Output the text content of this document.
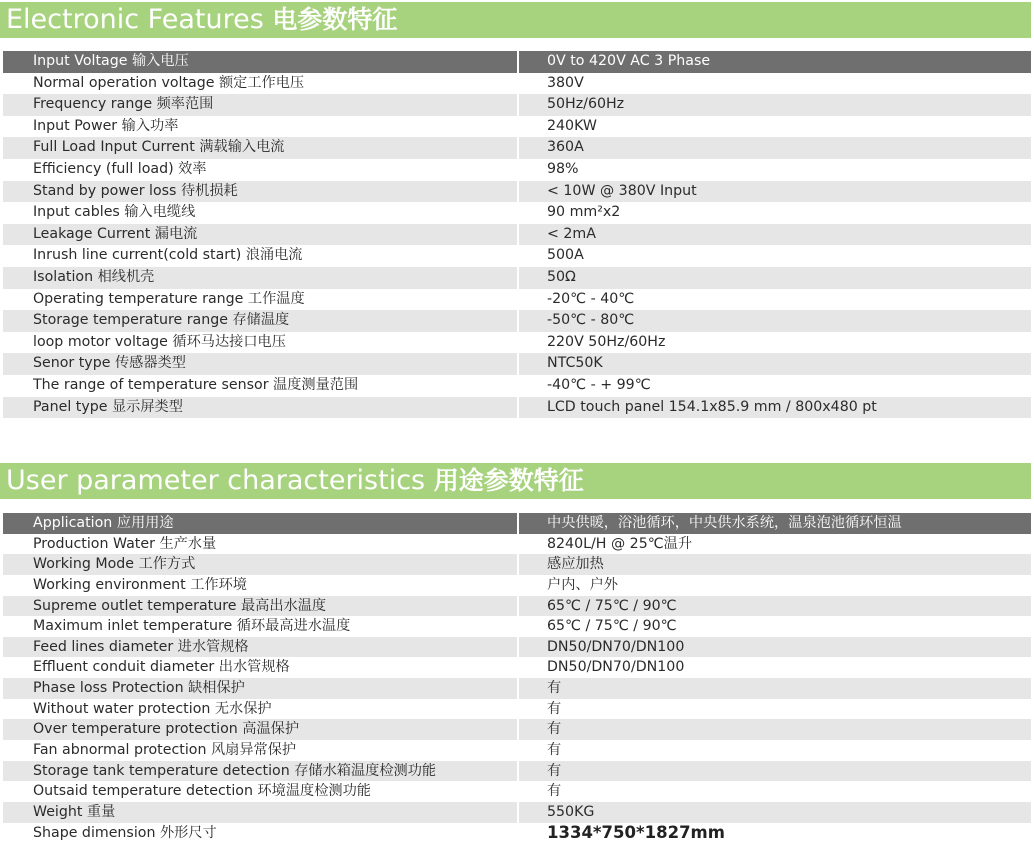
Electronic Features 电参数特征
Input Voltage 输入电压	0V to 420V AC 3 Phase
Normal operation voltage 额定工作电压	380V
Frequency range 频率范围	50Hz/60Hz
Input Power 输入功率	240KW
Full Load Input Current 满载输入电流	360A
Efficiency (full load) 效率	98%
Stand by power loss 待机损耗	< 10W @ 380V Input
Input cables 输入电缆线	90 mm²x2
Leakage Current 漏电流	< 2mA
Inrush line current(cold start) 浪涌电流	500A
Isolation 相线机壳	50Ω
Operating temperature range 工作温度	-20℃ - 40℃
Storage temperature range 存储温度	-50℃ - 80℃
loop motor voltage 循环马达接口电压	220V 50Hz/60Hz
Senor type 传感器类型	NTC50K
The range of temperature sensor 温度测量范围	-40℃ - + 99℃
Panel type 显示屏类型	LCD touch panel 154.1x85.9 mm / 800x480 pt
User parameter characteristics 用途参数特征
Application 应用用途	中央供暖，浴池循环，中央供水系统，温泉泡池循环恒温
Production Water 生产水量	8240L/H @ 25℃温升
Working Mode 工作方式	感应加热
Working environment 工作环境	户内、户外
Supreme outlet temperature 最高出水温度	65℃ / 75℃ / 90℃
Maximum inlet temperature 循环最高进水温度	65℃ / 75℃ / 90℃
Feed lines diameter 进水管规格	DN50/DN70/DN100
Effluent conduit diameter 出水管规格	DN50/DN70/DN100
Phase loss Protection 缺相保护	有
Without water protection 无水保护	有
Over temperature protection 高温保护	有
Fan abnormal protection 风扇异常保护	有
Storage tank temperature detection 存储水箱温度检测功能	有
Outsaid temperature detection 环境温度检测功能	有
Weight 重量	550KG
Shape dimension 外形尺寸	1334*750*1827mm
